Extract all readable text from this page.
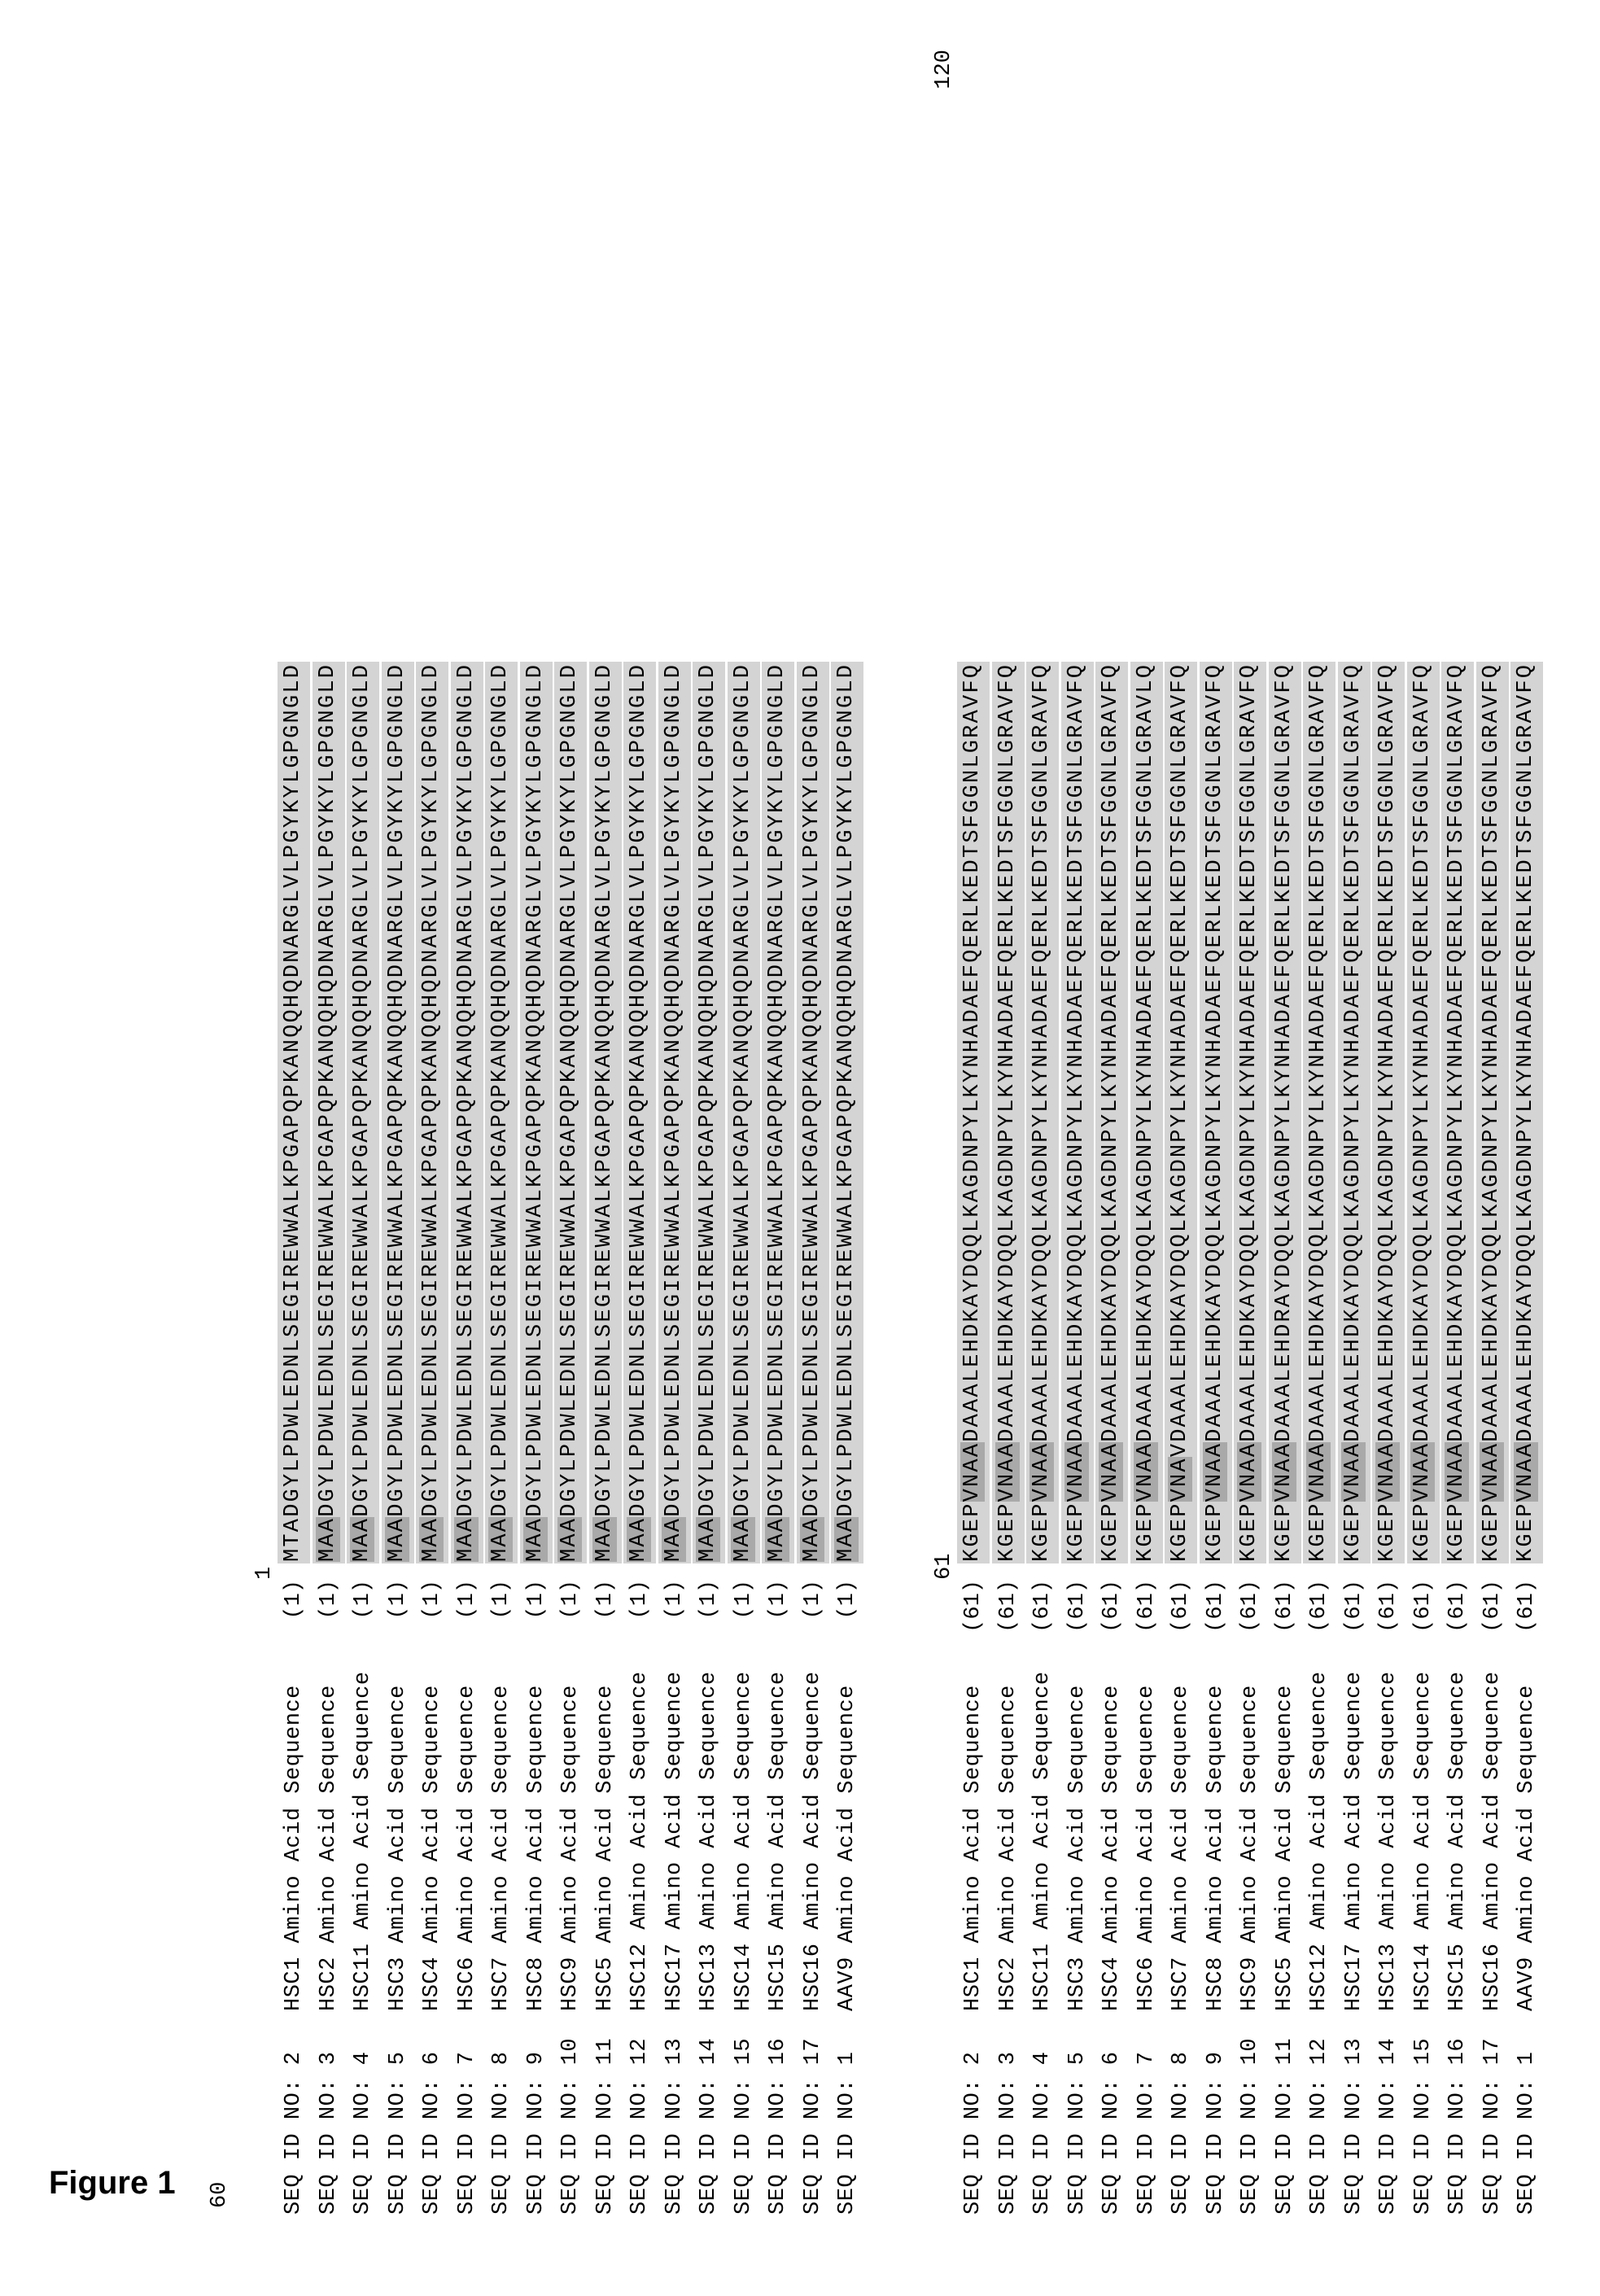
Figure 1 60
1
SEQ ID NO: 2
HSC1 Amino Acid Sequence
(1)
MTADGYLPDWLEDNLSEGIREWWALKPGAPQPKANQQHQDNARGLVLPGYKYLGPGNGLD
SEQ ID NO: 3
HSC2 Amino Acid Sequence
(1)
MAADGYLPDWLEDNLSEGIREWWALKPGAPQPKANQQHQDNARGLVLPGYKYLGPGNGLD
SEQ ID NO: 4
HSC11 Amino Acid Sequence
(1)
MAADGYLPDWLEDNLSEGIREWWALKPGAPQPKANQQHQDNARGLVLPGYKYLGPGNGLD
SEQ ID NO: 5
HSC3 Amino Acid Sequence
(1)
MAADGYLPDWLEDNLSEGIREWWALKPGAPQPKANQQHQDNARGLVLPGYKYLGPGNGLD
SEQ ID NO: 6
HSC4 Amino Acid Sequence
(1)
MAADGYLPDWLEDNLSEGIREWWALKPGAPQPKANQQHQDNARGLVLPGYKYLGPGNGLD
SEQ ID NO: 7
HSC6 Amino Acid Sequence
(1)
MAADGYLPDWLEDNLSEGIREWWALKPGAPQPKANQQHQDNARGLVLPGYKYLGPGNGLD
SEQ ID NO: 8
HSC7 Amino Acid Sequence
(1)
MAADGYLPDWLEDNLSEGIREWWALKPGAPQPKANQQHQDNARGLVLPGYKYLGPGNGLD
SEQ ID NO: 9
HSC8 Amino Acid Sequence
(1)
MAADGYLPDWLEDNLSEGIREWWALKPGAPQPKANQQHQDNARGLVLPGYKYLGPGNGLD
SEQ ID NO: 10
HSC9 Amino Acid Sequence
(1)
MAADGYLPDWLEDNLSEGIREWWALKPGAPQPKANQQHQDNARGLVLPGYKYLGPGNGLD
SEQ ID NO: 11
HSC5 Amino Acid Sequence
(1)
MAADGYLPDWLEDNLSEGIREWWALKPGAPQPKANQQHQDNARGLVLPGYKYLGPGNGLD
SEQ ID NO: 12
HSC12 Amino Acid Sequence
(1)
MAADGYLPDWLEDNLSEGIREWWALKPGAPQPKANQQHQDNARGLVLPGYKYLGPGNGLD
SEQ ID NO: 13
HSC17 Amino Acid Sequence
(1)
MAADGYLPDWLEDNLSEGIREWWALKPGAPQPKANQQHQDNARGLVLPGYKYLGPGNGLD
SEQ ID NO: 14
HSC13 Amino Acid Sequence
(1)
MAADGYLPDWLEDNLSEGIREWWALKPGAPQPKANQQHQDNARGLVLPGYKYLGPGNGLD
SEQ ID NO: 15
HSC14 Amino Acid Sequence
(1)
MAADGYLPDWLEDNLSEGIREWWALKPGAPQPKANQQHQDNARGLVLPGYKYLGPGNGLD
SEQ ID NO: 16
HSC15 Amino Acid Sequence
(1)
MAADGYLPDWLEDNLSEGIREWWALKPGAPQPKANQQHQDNARGLVLPGYKYLGPGNGLD
SEQ ID NO: 17
HSC16 Amino Acid Sequence
(1)
MAADGYLPDWLEDNLSEGIREWWALKPGAPQPKANQQHQDNARGLVLPGYKYLGPGNGLD
SEQ ID NO: 1
AAV9 Amino Acid Sequence
(1)
MAADGYLPDWLEDNLSEGIREWWALKPGAPQPKANQQHQDNARGLVLPGYKYLGPGNGLD
61
120
SEQ ID NO: 2
HSC1 Amino Acid Sequence
(61)
KGEPVNAADAAALEHDKAYDQQLKAGDNPYLKYNHADAEFQERLKEDTSFGGNLGRAVFQ
SEQ ID NO: 3
HSC2 Amino Acid Sequence
(61)
KGEPVNAADAAALEHDKAYDQQLKAGDNPYLKYNHADAEFQERLKEDTSFGGNLGRAVFQ
SEQ ID NO: 4
HSC11 Amino Acid Sequence
(61)
KGEPVNAADAAALEHDKAYDQQLKAGDNPYLKYNHADAEFQERLKEDTSFGGNLGRAVFQ
SEQ ID NO: 5
HSC3 Amino Acid Sequence
(61)
KGEPVNAADAAALEHDKAYDQQLKAGDNPYLKYNHADAEFQERLKEDTSFGGNLGRAVFQ
SEQ ID NO: 6
HSC4 Amino Acid Sequence
(61)
KGEPVNAADAAALEHDKAYDQQLKAGDNPYLKYNHADAEFQERLKEDTSFGGNLGRAVFQ
SEQ ID NO: 7
HSC6 Amino Acid Sequence
(61)
KGEPVNAADAAALEHDKAYDQQLKAGDNPYLKYNHADAEFQERLKEDTSFGGNLGRAVLQ
SEQ ID NO: 8
HSC7 Amino Acid Sequence
(61)
KGEPVNAVDAAALEHDKAYDQQLKAGDNPYLKYNHADAEFQERLKEDTSFGGNLGRAVFQ
SEQ ID NO: 9
HSC8 Amino Acid Sequence
(61)
KGEPVNAADAAALEHDKAYDQQLKAGDNPYLKYNHADAEFQERLKEDTSFGGNLGRAVFQ
SEQ ID NO: 10
HSC9 Amino Acid Sequence
(61)
KGEPVNAADAAALEHDKAYDQQLKAGDNPYLKYNHADAEFQERLKEDTSFGGNLGRAVFQ
SEQ ID NO: 11
HSC5 Amino Acid Sequence
(61)
KGEPVNAADAAALEHDRAYDQQLKAGDNPYLKYNHADAEFQERLKEDTSFGGNLGRAVFQ
SEQ ID NO: 12
HSC12 Amino Acid Sequence
(61)
KGEPVNAADAAALEHDKAYDQQLKAGDNPYLKYNHADAEFQERLKEDTSFGGNLGRAVFQ
SEQ ID NO: 13
HSC17 Amino Acid Sequence
(61)
KGEPVNAADAAALEHDKAYDQQLKAGDNPYLKYNHADAEFQERLKEDTSFGGNLGRAVFQ
SEQ ID NO: 14
HSC13 Amino Acid Sequence
(61)
KGEPVNAADAAALEHDKAYDQQLKAGDNPYLKYNHADAEFQERLKEDTSFGGNLGRAVFQ
SEQ ID NO: 15
HSC14 Amino Acid Sequence
(61)
KGEPVNAADAAALEHDKAYDQQLKAGDNPYLKYNHADAEFQERLKEDTSFGGNLGRAVFQ
SEQ ID NO: 16
HSC15 Amino Acid Sequence
(61)
KGEPVNAADAAALEHDKAYDQQLKAGDNPYLKYNHADAEFQERLKEDTSFGGNLGRAVFQ
SEQ ID NO: 17
HSC16 Amino Acid Sequence
(61)
KGEPVNAADAAALEHDKAYDQQLKAGDNPYLKYNHADAEFQERLKEDTSFGGNLGRAVFQ
SEQ ID NO: 1
AAV9 Amino Acid Sequence
(61)
KGEPVNAADAAALEHDKAYDQQLKAGDNPYLKYNHADAEFQERLKEDTSFGGNLGRAVFQ
